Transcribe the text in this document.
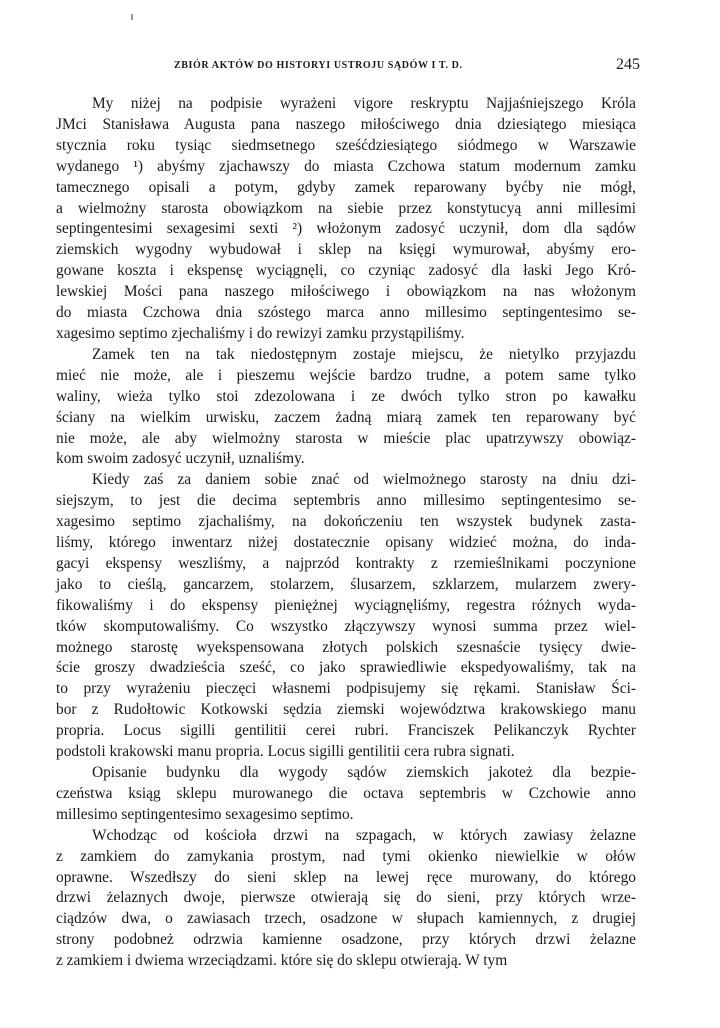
ZBIÓR AKTÓW DO HISTORYI USTROJU SĄDÓW I T. D.	245
My niżej na podpisie wyrażeni vigore reskryptu Najjaśniejszego Króla
JMci Stanisława Augusta pana naszego miłościwego dnia dziesiątego miesiąca
stycznia roku tysiąc siedmsetnego sześćdziesiątego siódmego w Warszawie
wydanego ¹) abyśmy zjachawszy do miasta Czchowa statum modernum zamku
tamecznego opisali a potym, gdyby zamek reparowany byćby nie mógł,
a wielmożny starosta obowiązkom na siebie przez konstytucyą anni millesimi
septingentesimi sexagesimi sexti ²) włożonym zadosyć uczynił, dom dla sądów
ziemskich wygodny wybudował i sklep na księgi wymurował, abyśmy ero-
gowane koszta i ekspensę wyciągnęli, co czyniąc zadosyć dla łaski Jego Kró-
lewskiej Mości pana naszego miłościwego i obowiązkom na nas włożonym
do miasta Czchowa dnia szóstego marca anno millesimo septingentesimo se-
xagesimo septimo zjechaliśmy i do rewizyi zamku przystąpiliśmy.
Zamek ten na tak niedostępnym zostaje miejscu, że nietylko przyjazdu
mieć nie może, ale i pieszemu wejście bardzo trudne, a potem same tylko
waliny, wieża tylko stoi zdezolowana i ze dwóch tylko stron po kawałku
ściany na wielkim urwisku, zaczem żadną miarą zamek ten reparowany być
nie może, ale aby wielmożny starosta w mieście plac upatrzywszy obowiąz-
kom swoim zadosyć uczynił, uznaliśmy.
Kiedy zaś za daniem sobie znać od wielmożnego starosty na dniu dzi-
siejszym, to jest die decima septembris anno millesimo septingentesimo se-
xagesimo septimo zjachaliśmy, na dokończeniu ten wszystek budynek zasta-
liśmy, którego inwentarz niżej dostatecznie opisany widzieć można, do inda-
gacyi ekspensy weszliśmy, a najprzód kontrakty z rzemieślnikami poczynione
jako to cieślą, gancarzem, stolarzem, ślusarzem, szklarzem, mularzem zwery-
fikowaliśmy i do ekspensy pieniężnej wyciągnęliśmy, regestra różnych wyda-
tków skomputowaliśmy. Co wszystko złączywszy wynosi summa przez wiel-
możnego starostę wyekspensowana złotych polskich szesnaście tysięcy dwie-
ście groszy dwadzieścia sześć, co jako sprawiedliwie ekspedyowaliśmy, tak na
to przy wyrażeniu pieczęci własnemi podpisujemy się rękami. Stanisław Ści-
bor z Rudołtowic Kotkowski sędzia ziemski województwa krakowskiego manu
propria. Locus sigilli gentilitii cerei rubri. Franciszek Pelikanczyk Rychter
podstoli krakowski manu propria. Locus sigilli gentilitii cera rubra signati.
Opisanie budynku dla wygody sądów ziemskich jakoteż dla bezpie-
czeństwa ksiąg sklepu murowanego die octava septembris w Czchowie anno
millesimo septingentesimo sexagesimo septimo.
Wchodząc od kościoła drzwi na szpagach, w których zawiasy żelazne
z zamkiem do zamykania prostym, nad tymi okienko niewielkie w ołów
oprawne. Wszedłszy do sieni sklep na lewej ręce murowany, do którego
drzwi żelaznych dwoje, pierwsze otwierają się do sieni, przy których wrze-
ciądzów dwa, o zawiasach trzech, osadzone w słupach kamiennych, z drugiej
strony podobneż odrzwia kamienne osadzone, przy których drzwi żelazne
z zamkiem i dwiema wrzeciądzami. które się do sklepu otwierają. W tym
